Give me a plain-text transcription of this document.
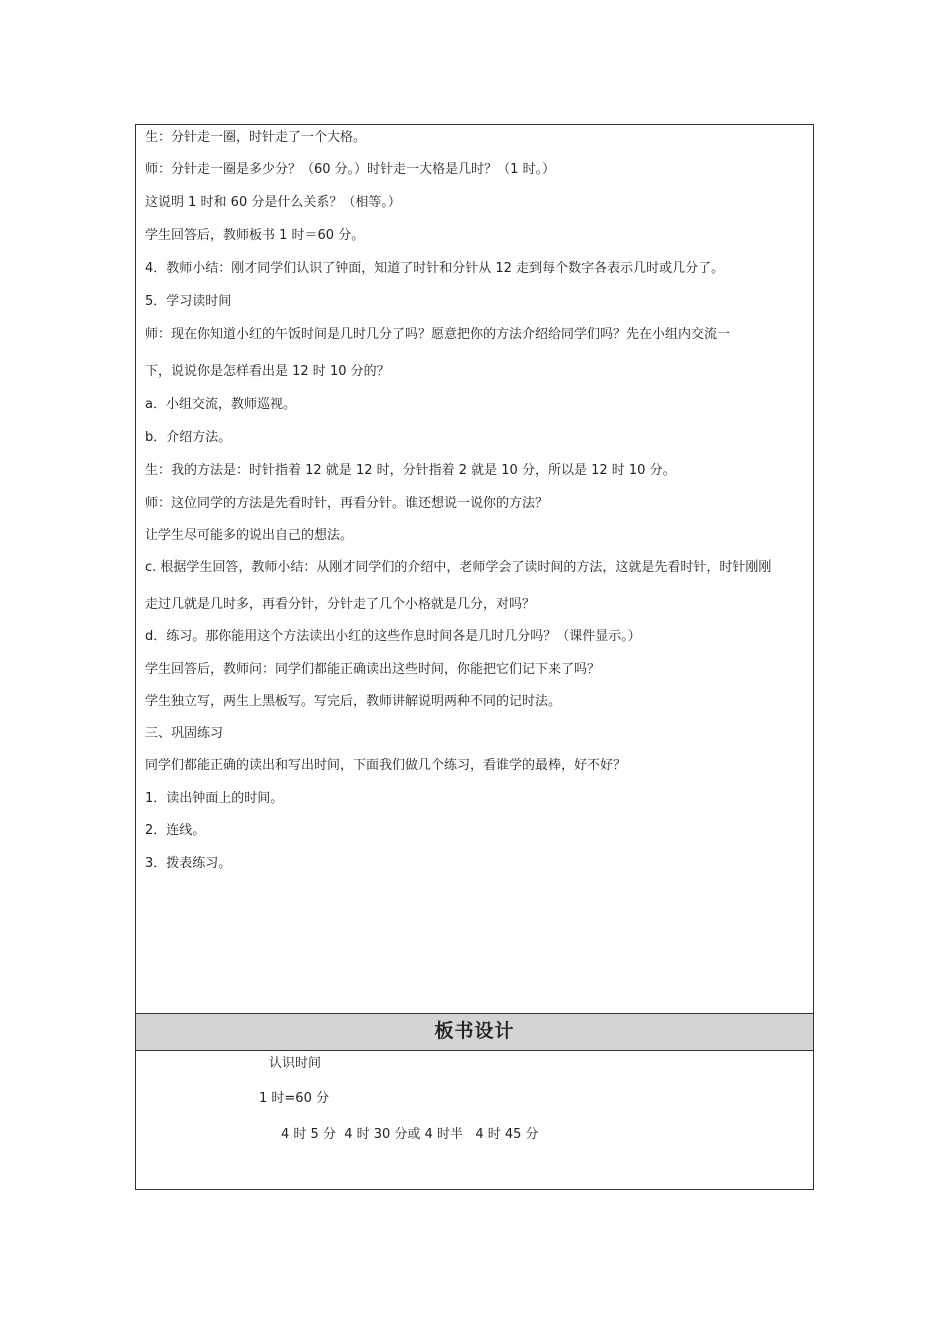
生：分针走一圈，时针走了一个大格。
师：分针走一圈是多少分？（60 分。）时针走一大格是几时？（1 时。）
这说明 1 时和 60 分是什么关系？（相等。）
学生回答后，教师板书 1 时＝60 分。
4．教师小结：刚才同学们认识了钟面，知道了时针和分针从 12 走到每个数字各表示几时或几分了。
5．学习读时间
师：现在你知道小红的午饭时间是几时几分了吗？愿意把你的方法介绍给同学们吗？先在小组内交流一
下，说说你是怎样看出是 12 时 10 分的？
a．小组交流，教师巡视。
b．介绍方法。
生：我的方法是：时针指着 12 就是 12 时，分针指着 2 就是 10 分，所以是 12 时 10 分。
师：这位同学的方法是先看时针，再看分针。谁还想说一说你的方法？
让学生尽可能多的说出自己的想法。
c. 根据学生回答，教师小结：从刚才同学们的介绍中，老师学会了读时间的方法，这就是先看时针，时针刚刚
走过几就是几时多，再看分针，分针走了几个小格就是几分，对吗？
d．练习。那你能用这个方法读出小红的这些作息时间各是几时几分吗？（课件显示。）
学生回答后，教师问：同学们都能正确读出这些时间，你能把它们记下来了吗？
学生独立写，两生上黑板写。写完后，教师讲解说明两种不同的记时法。
三、巩固练习
同学们都能正确的读出和写出时间，下面我们做几个练习，看谁学的最棒，好不好？
1．读出钟面上的时间。
2．连线。
3．拨表练习。
板书设计
认识时间
1 时=60 分
4 时 5 分  4 时 30 分或 4 时半   4 时 45 分
